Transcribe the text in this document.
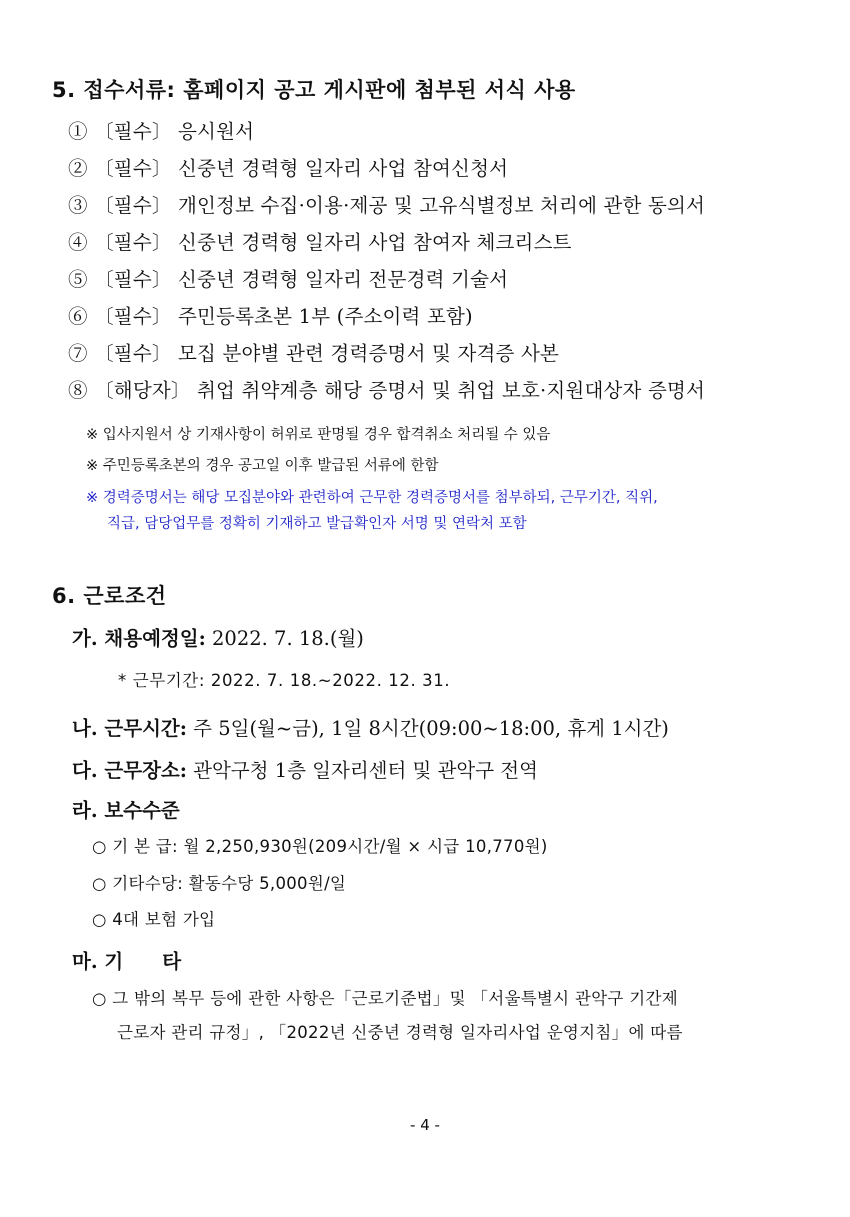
5. 접수서류: 홈페이지 공고 게시판에 첨부된 서식 사용
① 〔필수〕 응시원서
② 〔필수〕 신중년 경력형 일자리 사업 참여신청서
③ 〔필수〕 개인정보 수집·이용·제공 및 고유식별정보 처리에 관한 동의서
④ 〔필수〕 신중년 경력형 일자리 사업 참여자 체크리스트
⑤ 〔필수〕 신중년 경력형 일자리 전문경력 기술서
⑥ 〔필수〕 주민등록초본 1부 (주소이력 포함)
⑦ 〔필수〕 모집 분야별 관련 경력증명서 및 자격증 사본
⑧ 〔해당자〕 취업 취약계층 해당 증명서 및 취업 보호·지원대상자 증명서
※ 입사지원서 상 기재사항이 허위로 판명될 경우 합격취소 처리될 수 있음
※ 주민등록초본의 경우 공고일 이후 발급된 서류에 한함
※ 경력증명서는 해당 모집분야와 관련하여 근무한 경력증명서를 첨부하되, 근무기간, 직위,
직급, 담당업무를 정확히 기재하고 발급확인자 서명 및 연락처 포함
6. 근로조건
가. 채용예정일: 2022. 7. 18.(월)
* 근무기간: 2022. 7. 18.~2022. 12. 31.
나. 근무시간: 주 5일(월~금), 1일 8시간(09:00~18:00, 휴게 1시간)
다. 근무장소: 관악구청 1층 일자리센터 및 관악구 전역
라. 보수수준
○ 기 본 급: 월 2,250,930원(209시간/월 × 시급 10,770원)
○ 기타수당: 활동수당 5,000원/일
○ 4대 보험 가입
마. 기　　타
○ 그 밖의 복무 등에 관한 사항은「근로기준법」및 「서울특별시 관악구 기간제
근로자 관리 규정」, 「2022년 신중년 경력형 일자리사업 운영지침」에 따름
- 4 -
